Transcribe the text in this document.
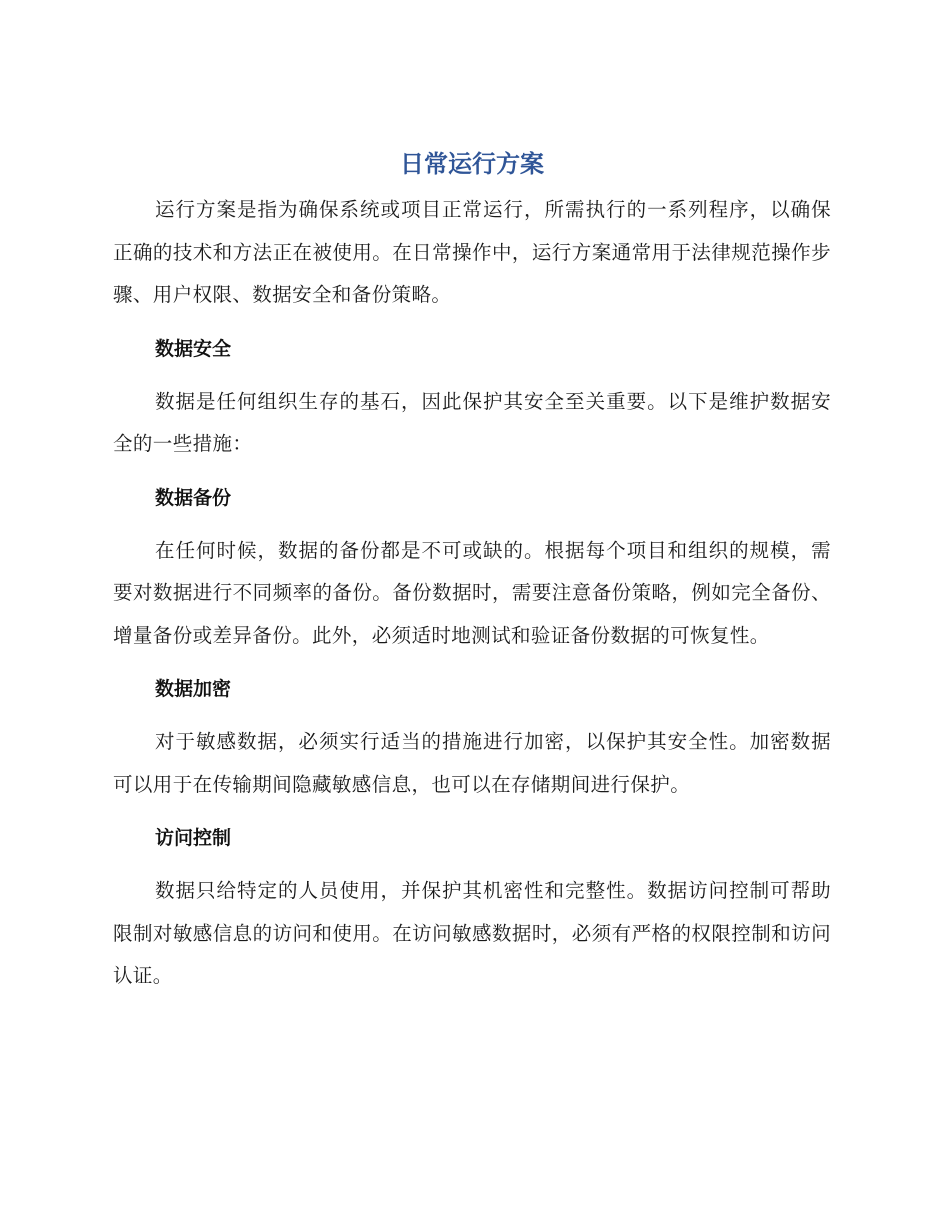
日常运行方案

运行方案是指为确保系统或项目正常运行，所需执行的一系列程序，以确保正确的技术和方法正在被使用。在日常操作中，运行方案通常用于法律规范操作步骤、用户权限、数据安全和备份策略。

数据安全

数据是任何组织生存的基石，因此保护其安全至关重要。以下是维护数据安全的一些措施：

数据备份

在任何时候，数据的备份都是不可或缺的。根据每个项目和组织的规模，需要对数据进行不同频率的备份。备份数据时，需要注意备份策略，例如完全备份、增量备份或差异备份。此外，必须适时地测试和验证备份数据的可恢复性。

数据加密

对于敏感数据，必须实行适当的措施进行加密，以保护其安全性。加密数据可以用于在传输期间隐藏敏感信息，也可以在存储期间进行保护。

访问控制

数据只给特定的人员使用，并保护其机密性和完整性。数据访问控制可帮助限制对敏感信息的访问和使用。在访问敏感数据时，必须有严格的权限控制和访问认证。
